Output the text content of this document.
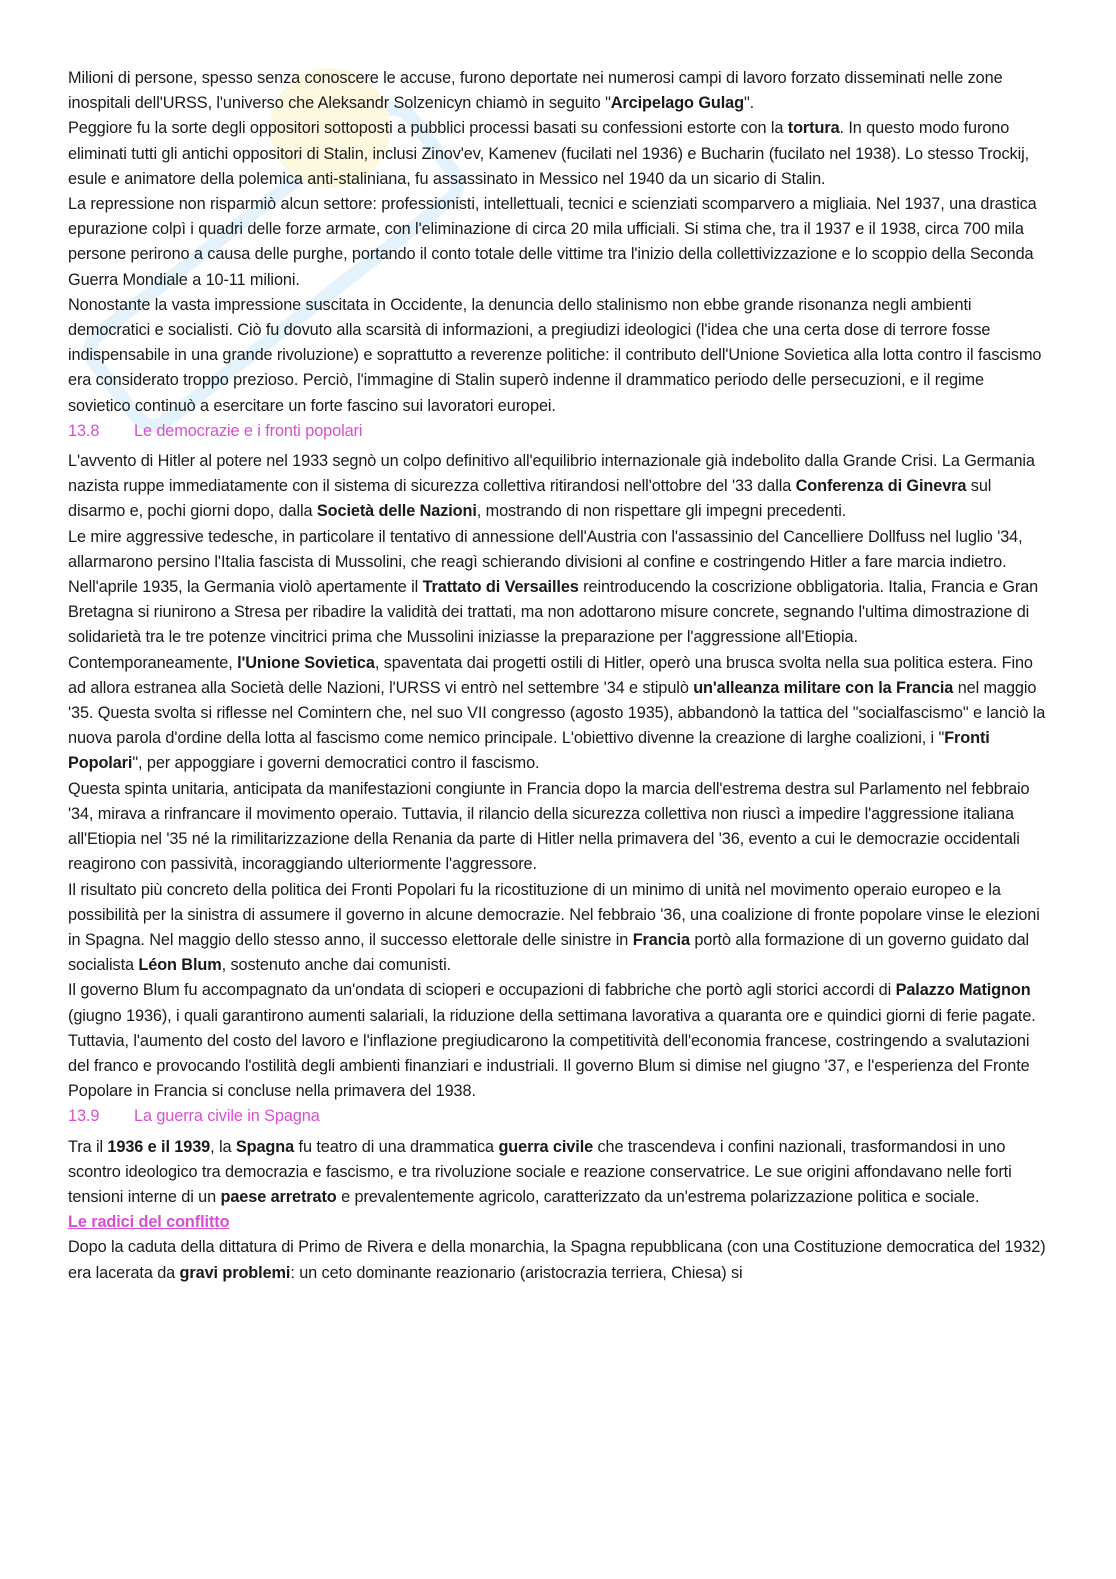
Milioni di persone, spesso senza conoscere le accuse, furono deportate nei numerosi campi di lavoro forzato disseminati nelle zone inospitali dell'URSS, l'universo che Aleksandr Solzenicyn chiamò in seguito "Arcipelago Gulag".

Peggiore fu la sorte degli oppositori sottoposti a pubblici processi basati su confessioni estorte con la tortura. In questo modo furono eliminati tutti gli antichi oppositori di Stalin, inclusi Zinov'ev, Kamenev (fucilati nel 1936) e Bucharin (fucilato nel 1938). Lo stesso Trockij, esule e animatore della polemica anti-staliniana, fu assassinato in Messico nel 1940 da un sicario di Stalin.

La repressione non risparmiò alcun settore: professionisti, intellettuali, tecnici e scienziati scomparvero a migliaia. Nel 1937, una drastica epurazione colpì i quadri delle forze armate, con l'eliminazione di circa 20 mila ufficiali. Si stima che, tra il 1937 e il 1938, circa 700 mila persone perirono a causa delle purghe, portando il conto totale delle vittime tra l'inizio della collettivizzazione e lo scoppio della Seconda Guerra Mondiale a 10-11 milioni.

Nonostante la vasta impressione suscitata in Occidente, la denuncia dello stalinismo non ebbe grande risonanza negli ambienti democratici e socialisti. Ciò fu dovuto alla scarsità di informazioni, a pregiudizi ideologici (l'idea che una certa dose di terrore fosse indispensabile in una grande rivoluzione) e soprattutto a reverenze politiche: il contributo dell'Unione Sovietica alla lotta contro il fascismo era considerato troppo prezioso. Perciò, l'immagine di Stalin superò indenne il drammatico periodo delle persecuzioni, e il regime sovietico continuò a esercitare un forte fascino sui lavoratori europei.

13.8	Le democrazie e i fronti popolari

L'avvento di Hitler al potere nel 1933 segnò un colpo definitivo all'equilibrio internazionale già indebolito dalla Grande Crisi. La Germania nazista ruppe immediatamente con il sistema di sicurezza collettiva ritirandosi nell'ottobre del '33 dalla Conferenza di Ginevra sul disarmo e, pochi giorni dopo, dalla Società delle Nazioni, mostrando di non rispettare gli impegni precedenti.

Le mire aggressive tedesche, in particolare il tentativo di annessione dell'Austria con l'assassinio del Cancelliere Dollfuss nel luglio '34, allarmarono persino l'Italia fascista di Mussolini, che reagì schierando divisioni al confine e costringendo Hitler a fare marcia indietro. Nell'aprile 1935, la Germania violò apertamente il Trattato di Versailles reintroducendo la coscrizione obbligatoria. Italia, Francia e Gran Bretagna si riunirono a Stresa per ribadire la validità dei trattati, ma non adottarono misure concrete, segnando l'ultima dimostrazione di solidarietà tra le tre potenze vincitrici prima che Mussolini iniziasse la preparazione per l'aggressione all'Etiopia.

Contemporaneamente, l'Unione Sovietica, spaventata dai progetti ostili di Hitler, operò una brusca svolta nella sua politica estera. Fino ad allora estranea alla Società delle Nazioni, l'URSS vi entrò nel settembre '34 e stipulò un'alleanza militare con la Francia nel maggio '35. Questa svolta si riflesse nel Comintern che, nel suo VII congresso (agosto 1935), abbandonò la tattica del "socialfascismo" e lanciò la nuova parola d'ordine della lotta al fascismo come nemico principale. L'obiettivo divenne la creazione di larghe coalizioni, i "Fronti Popolari", per appoggiare i governi democratici contro il fascismo.

Questa spinta unitaria, anticipata da manifestazioni congiunte in Francia dopo la marcia dell'estrema destra sul Parlamento nel febbraio '34, mirava a rinfrancare il movimento operaio. Tuttavia, il rilancio della sicurezza collettiva non riuscì a impedire l'aggressione italiana all'Etiopia nel '35 né la rimilitarizzazione della Renania da parte di Hitler nella primavera del '36, evento a cui le democrazie occidentali reagirono con passività, incoraggiando ulteriormente l'aggressore.

Il risultato più concreto della politica dei Fronti Popolari fu la ricostituzione di un minimo di unità nel movimento operaio europeo e la possibilità per la sinistra di assumere il governo in alcune democrazie. Nel febbraio '36, una coalizione di fronte popolare vinse le elezioni in Spagna. Nel maggio dello stesso anno, il successo elettorale delle sinistre in Francia portò alla formazione di un governo guidato dal socialista Léon Blum, sostenuto anche dai comunisti.

Il governo Blum fu accompagnato da un'ondata di scioperi e occupazioni di fabbriche che portò agli storici accordi di Palazzo Matignon (giugno 1936), i quali garantirono aumenti salariali, la riduzione della settimana lavorativa a quaranta ore e quindici giorni di ferie pagate. Tuttavia, l'aumento del costo del lavoro e l'inflazione pregiudicarono la competitività dell'economia francese, costringendo a svalutazioni del franco e provocando l'ostilità degli ambienti finanziari e industriali. Il governo Blum si dimise nel giugno '37, e l'esperienza del Fronte Popolare in Francia si concluse nella primavera del 1938.

13.9	La guerra civile in Spagna

Tra il 1936 e il 1939, la Spagna fu teatro di una drammatica guerra civile che trascendeva i confini nazionali, trasformandosi in uno scontro ideologico tra democrazia e fascismo, e tra rivoluzione sociale e reazione conservatrice. Le sue origini affondavano nelle forti tensioni interne di un paese arretrato e prevalentemente agricolo, caratterizzato da un'estrema polarizzazione politica e sociale.

Le radici del conflitto

Dopo la caduta della dittatura di Primo de Rivera e della monarchia, la Spagna repubblicana (con una Costituzione democratica del 1932) era lacerata da gravi problemi: un ceto dominante reazionario (aristocrazia terriera, Chiesa) si
